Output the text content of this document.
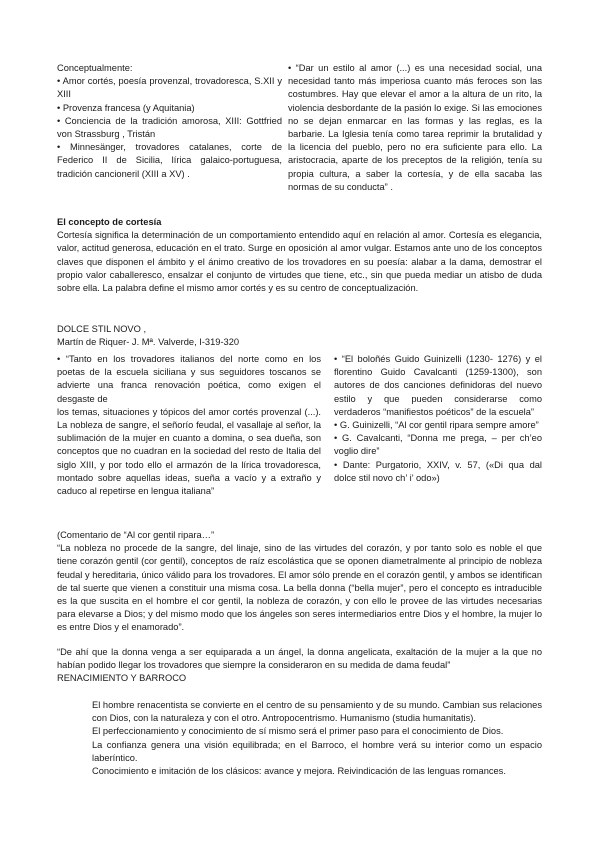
Conceptualmente:

• Amor cortés, poesía provenzal, trovadoresca, S.XII y XIII

• Provenza francesa (y Aquitania)

• Conciencia de la tradición amorosa, XIII: Gottfried von Strassburg , Tristán

• Minnesänger, trovadores catalanes, corte de Federico II de Sicilia, lírica galaico-portuguesa, tradición cancioneril (XIII a XV) .

• “Dar un estilo al amor (...) es una necesidad social, una necesidad tanto más imperiosa cuanto más feroces son las costumbres. Hay que elevar el amor a la altura de un rito, la violencia desbordante de la pasión lo exige. Si las emociones no se dejan enmarcar en las formas y las reglas, es la barbarie. La Iglesia tenía como tarea reprimir la brutalidad y la licencia del pueblo, pero no era suficiente para ello. La aristocracia, aparte de los preceptos de la religión, tenía su propia cultura, a saber la cortesía, y de ella sacaba las normas de su conducta” .

El concepto de cortesía

Cortesía significa la determinación de un comportamiento entendido aquí en relación al amor. Cortesía es elegancia, valor, actitud generosa, educación en el trato. Surge en oposición al amor vulgar. Estamos ante uno de los conceptos claves que disponen el ámbito y el ánimo creativo de los trovadores en su poesía: alabar a la dama, demostrar el propio valor caballeresco, ensalzar el conjunto de virtudes que tiene, etc., sin que pueda mediar un atisbo de duda sobre ella. La palabra define el mismo amor cortés y es su centro de conceptualización.

DOLCE STIL NOVO ,

Martín de Riquer- J. Mª. Valverde, I-319-320

• “Tanto en los trovadores italianos del norte como en los poetas de la escuela siciliana y sus seguidores toscanos se advierte una franca renovación poética, como exigen el desgaste de

los temas, situaciones y tópicos del amor cortés provenzal (...). La nobleza de sangre, el señorío feudal, el vasallaje al señor, la sublimación de la mujer en cuanto a domina, o sea dueña, son conceptos que no cuadran en la sociedad del resto de Italia del siglo XIII, y por todo ello el armazón de la lírica trovadoresca, montado sobre aquellas ideas, sueña a vacío y a extraño y caduco al repetirse en lengua italiana”

• “El boloñés Guido Guinizelli (1230- 1276) y el florentino Guido Cavalcanti (1259-1300), son autores de dos canciones definidoras del nuevo estilo y que pueden considerarse como verdaderos “manifiestos poéticos” de la escuela”

• G. Guinizelli, “Al cor gentil ripara sempre amore”

• G. Cavalcanti, “Donna me prega, – per ch’eo voglio dire”

• Dante: Purgatorio, XXIV, v. 57, («Di qua dal dolce stil novo ch’ i’ odo»)

(Comentario de “Al cor gentil ripara…”

“La nobleza no procede de la sangre, del linaje, sino de las virtudes del corazón, y por tanto solo es noble el que tiene corazón gentil (cor gentil), conceptos de raíz escolástica que se oponen diametralmente al principio de nobleza feudal y hereditaria, único válido para los trovadores. El amor sólo prende en el corazón gentil, y ambos se identifican de tal suerte que vienen a constituir una misma cosa. La bella donna (“bella mujer”, pero el concepto es intraducible es la que suscita en el hombre el cor gentil, la nobleza de corazón, y con ello le provee de las virtudes necesarias para elevarse a Dios; y del mismo modo que los ángeles son seres intermediarios entre Dios y el hombre, la mujer lo es entre Dios y el enamorado”.

“De ahí que la donna venga a ser equiparada a un ángel, la donna angelicata, exaltación de la mujer a la que no habían podido llegar los trovadores que siempre la consideraron en su medida de dama feudal”

RENACIMIENTO Y BARROCO

El hombre renacentista se convierte en el centro de su pensamiento y de su mundo. Cambian sus relaciones con Dios, con la naturaleza y con el otro. Antropocentrismo. Humanismo (studia humanitatis).

El perfeccionamiento y conocimiento de sí mismo será el primer paso para el conocimiento de Dios.

La confianza genera una visión equilibrada; en el Barroco, el hombre verá su interior como un espacio laberíntico.

Conocimiento e imitación de los clásicos: avance y mejora. Reivindicación de las lenguas romances.
